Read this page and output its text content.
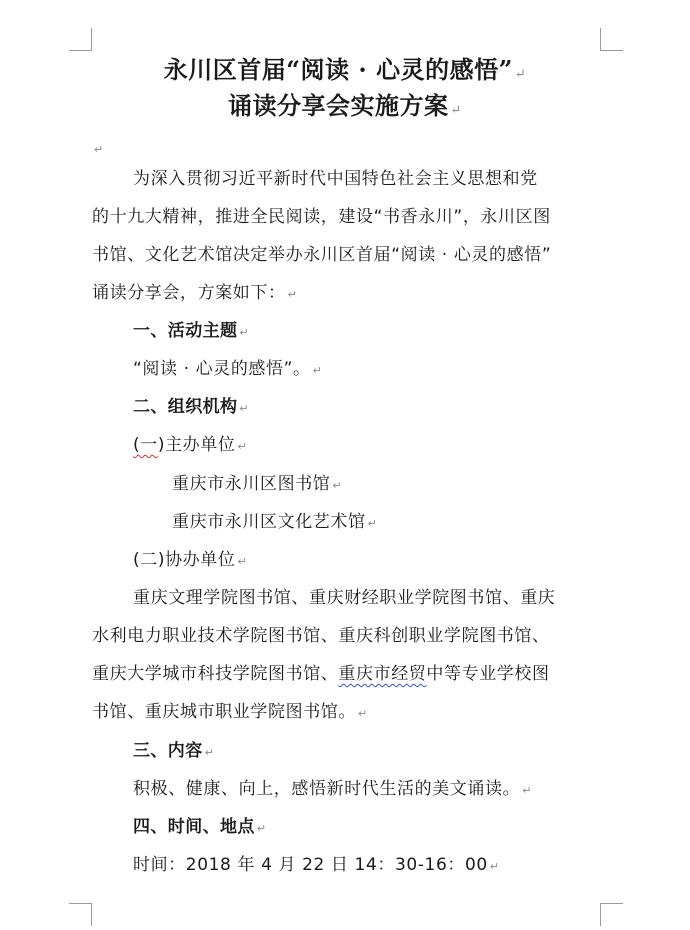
永川区首届“阅读 · 心灵的感悟” ↵
诵读分享会实施方案 ↵
↵
为深入贯彻习近平新时代中国特色社会主义思想和党
的十九大精神，推进全民阅读，建设“书香永川”，永川区图
书馆、文化艺术馆决定举办永川区首届“阅读 · 心灵的感悟”
诵读分享会，方案如下： ↵
一、活动主题 ↵
“阅读 · 心灵的感悟”。 ↵
二、组织机构 ↵
(一)主办单位 ↵
重庆市永川区图书馆 ↵
重庆市永川区文化艺术馆 ↵
(二)协办单位 ↵
重庆文理学院图书馆、重庆财经职业学院图书馆、重庆
水利电力职业技术学院图书馆、重庆科创职业学院图书馆、
重庆大学城市科技学院图书馆、重庆市经贸中等专业学校图
书馆、重庆城市职业学院图书馆。 ↵
三、内容 ↵
积极、健康、向上，感悟新时代生活的美文诵读。 ↵
四、时间、地点 ↵
时间：2018 年 4 月 22 日 14：30-16：00 ↵
